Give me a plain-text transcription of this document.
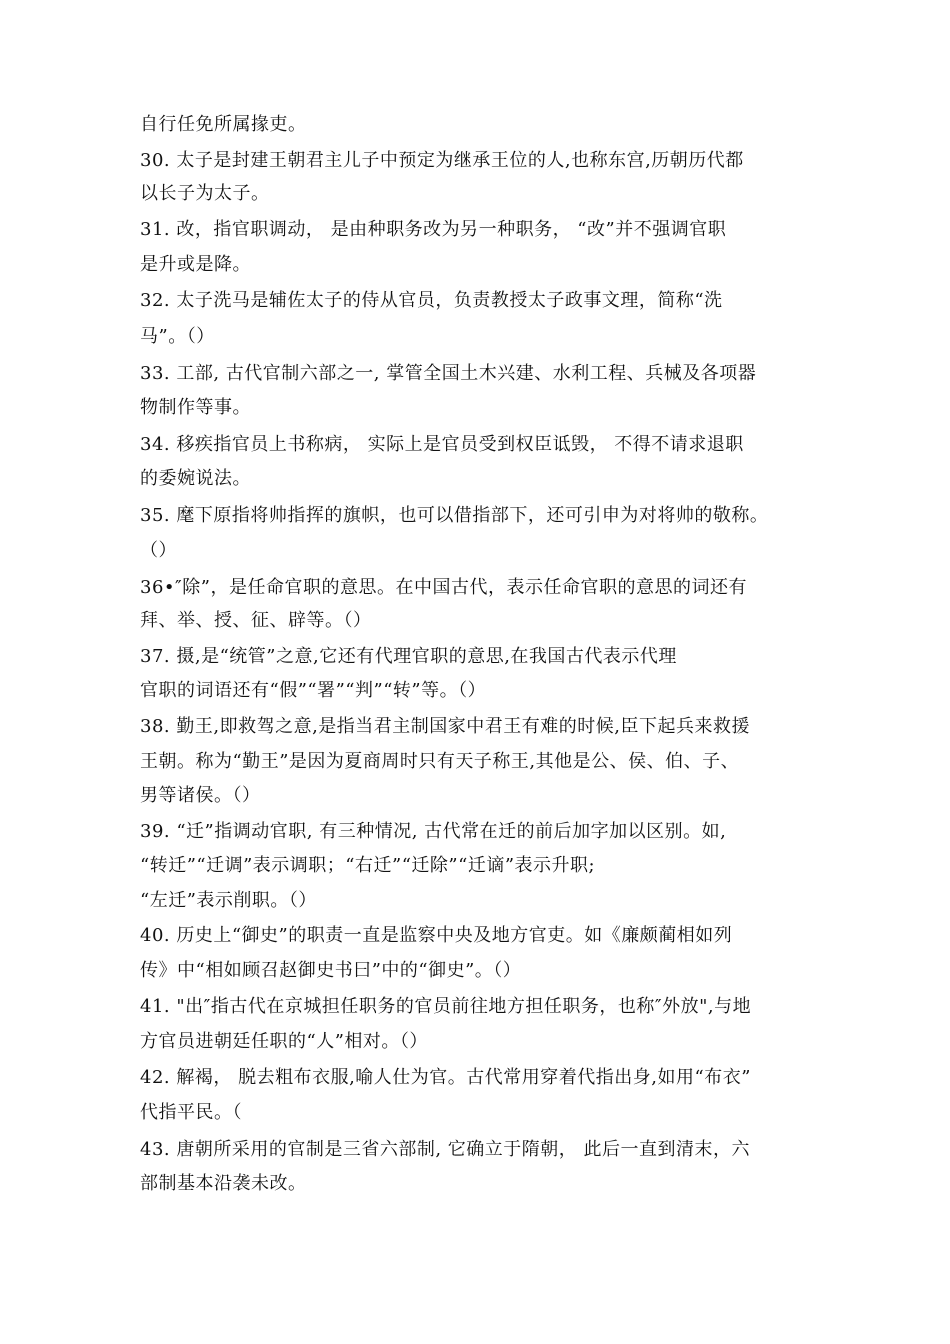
自行任免所属掾吏。
30. 太子是封建王朝君主儿子中预定为继承王位的人,也称东宫,历朝历代都
以长子为太子。
31. 改，指官职调动， 是由种职务改为另一种职务， “改”并不强调官职
是升或是降。
32. 太子洗马是辅佐太子的侍从官员，负责教授太子政事文理，简称“洗
马”。（）
33. 工部, 古代官制六部之一, 掌管全国土木兴建、水利工程、兵械及各项器
物制作等事。
34. 移疾指官员上书称病， 实际上是官员受到权臣诋毁， 不得不请求退职
的委婉说法。
35. 麾下原指将帅指挥的旗帜，也可以借指部下，还可引申为对将帅的敬称。
（）
36•″除”，是任命官职的意思。在中国古代，表示任命官职的意思的词还有
拜、举、授、征、辟等。（）
37. 摄,是“统管”之意,它还有代理官职的意思,在我国古代表示代理
官职的词语还有“假”“署”“判”“转”等。（）
38. 勤王,即救驾之意,是指当君主制国家中君王有难的时候,臣下起兵来救援
王朝。称为“勤王”是因为夏商周时只有天子称王,其他是公、侯、伯、子、
男等诸侯。（）
39. “迁”指调动官职, 有三种情况, 古代常在迁的前后加字加以区别。如,
“转迁”“迁调”表示调职；“右迁”“迁除”“迁谪”表示升职;
“左迁”表示削职。（）
40. 历史上“御史”的职责一直是监察中央及地方官吏。如《廉颇蔺相如列
传》中“相如顾召赵御史书曰”中的“御史”。（）
41. "出″指古代在京城担任职务的官员前往地方担任职务，也称″外放",与地
方官员进朝廷任职的“人”相对。（）
42. 解褐， 脱去粗布衣服,喻人仕为官。古代常用穿着代指出身,如用“布衣”
代指平民。（
43. 唐朝所采用的官制是三省六部制, 它确立于隋朝， 此后一直到清末，六
部制基本沿袭未改。
